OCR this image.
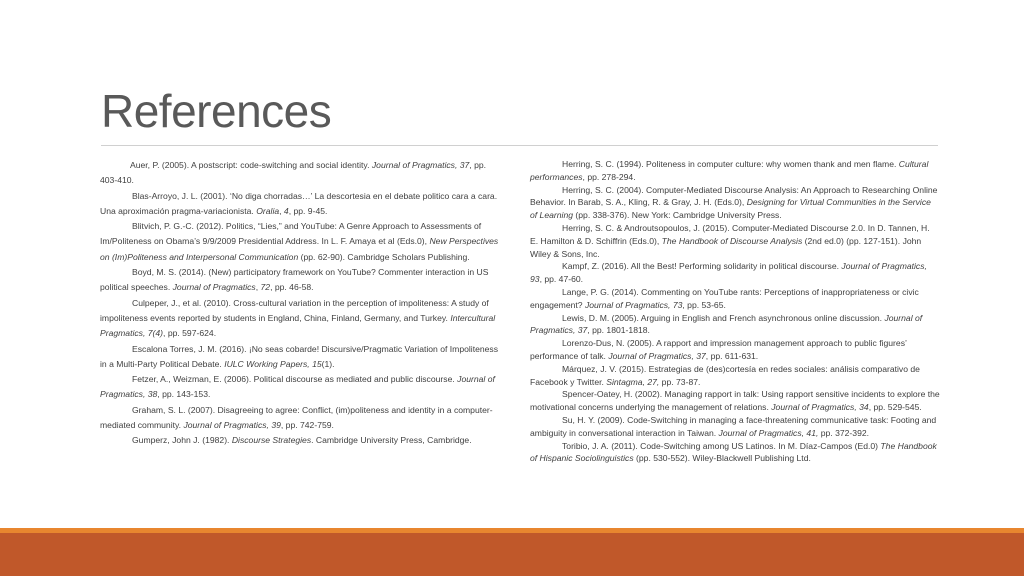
References

Auer, P. (2005). A postscript: code-switching and social identity. Journal of Pragmatics, 37, pp. 403-410.

Blas-Arroyo, J. L. (2001). ‘No diga chorradas…’ La descortesia en el debate politico cara a cara. Una aproximación pragma-variacionista. Oralia, 4, pp. 9-45.

Blitvich, P. G.-C. (2012). Politics, “Lies,” and YouTube: A Genre Approach to Assessments of Im/Politeness on Obama’s 9/9/2009 Presidential Address. In L. F. Amaya et al (Eds.0), New Perspectives on (Im)Politeness and Interpersonal Communication (pp. 62-90). Cambridge Scholars Publishing.

Boyd, M. S. (2014). (New) participatory framework on YouTube? Commenter interaction in US political speeches. Journal of Pragmatics, 72, pp. 46-58.

Culpeper, J., et al. (2010). Cross-cultural variation in the perception of impoliteness: A study of impoliteness events reported by students in England, China, Finland, Germany, and Turkey. Intercultural Pragmatics, 7(4), pp. 597-624.

Escalona Torres, J. M. (2016). ¡No seas cobarde! Discursive/Pragmatic Variation of Impoliteness in a Multi-Party Political Debate. IULC Working Papers, 15(1).

Fetzer, A., Weizman, E. (2006). Political discourse as mediated and public discourse. Journal of Pragmatics, 38, pp. 143-153.

Graham, S. L. (2007). Disagreeing to agree: Conflict, (im)politeness and identity in a computer-mediated community. Journal of Pragmatics, 39, pp. 742-759.

Gumperz, John J. (1982). Discourse Strategies. Cambridge University Press, Cambridge.

Herring, S. C. (1994). Politeness in computer culture: why women thank and men flame. Cultural performances, pp. 278-294.

Herring, S. C. (2004). Computer-Mediated Discourse Analysis: An Approach to Researching Online Behavior. In Barab, S. A., Kling, R. & Gray, J. H. (Eds.0), Designing for Virtual Communities in the Service of Learning (pp. 338-376). New York: Cambridge University Press.

Herring, S. C. & Androutsopoulos, J. (2015). Computer-Mediated Discourse 2.0. In D. Tannen, H. E. Hamilton & D. Schiffrin (Eds.0), The Handbook of Discourse Analysis (2nd ed.0) (pp. 127-151). John Wiley & Sons, Inc.

Kampf, Z. (2016). All the Best! Performing solidarity in political discourse. Journal of Pragmatics, 93, pp. 47-60.

Lange, P. G. (2014). Commenting on YouTube rants: Perceptions of inappropriateness or civic engagement? Journal of Pragmatics, 73, pp. 53-65.

Lewis, D. M. (2005). Arguing in English and French asynchronous online discussion. Journal of Pragmatics, 37, pp. 1801-1818.

Lorenzo-Dus, N. (2005). A rapport and impression management approach to public figures’ performance of talk. Journal of Pragmatics, 37, pp. 611-631.

Márquez, J. V. (2015). Estrategias de (des)cortesía en redes sociales: análisis comparativo de Facebook y Twitter. Sintagma, 27, pp. 73-87.

Spencer-Oatey, H. (2002). Managing rapport in talk: Using rapport sensitive incidents to explore the motivational concerns underlying the management of relations. Journal of Pragmatics, 34, pp. 529-545.

Su, H. Y. (2009). Code-Switching in managing a face-threatening communicative task: Footing and ambiguity in conversational interaction in Taiwan. Journal of Pragmatics, 41, pp. 372-392.

Toribio, J. A. (2011). Code-Switching among US Latinos. In M. Díaz-Campos (Ed.0) The Handbook of Hispanic Sociolinguistics (pp. 530-552). Wiley-Blackwell Publishing Ltd.
